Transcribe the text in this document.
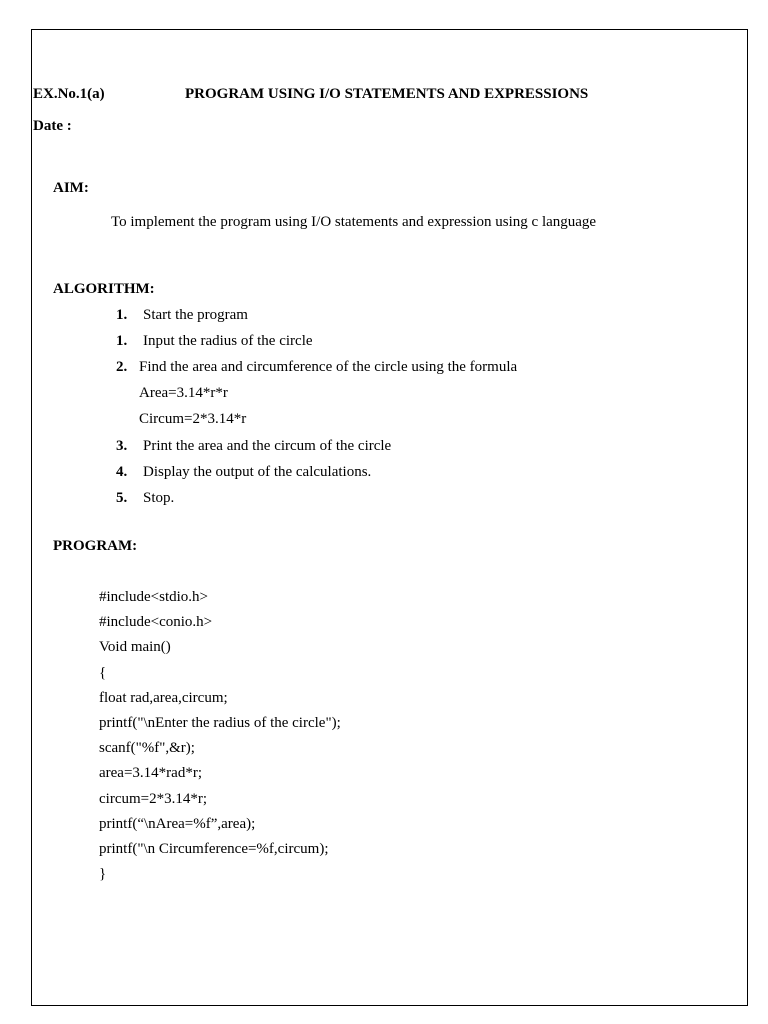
EX.No.1(a)	PROGRAM USING I/O STATEMENTS AND EXPRESSIONS
Date :
AIM:
To implement the program using I/O statements and expression using c language
ALGORITHM:
1. Start the program
1. Input the radius of the circle
2. Find the area and circumference of the circle using the formula
Area=3.14*r*r
Circum=2*3.14*r
3. Print the area and the circum of the circle
4. Display the output of the calculations.
5. Stop.
PROGRAM:
#include<stdio.h>
#include<conio.h>
Void main()
{
float rad,area,circum;
printf("\nEnter the radius of the circle");
scanf("%f",&r);
area=3.14*rad*r;
circum=2*3.14*r;
printf(“\nArea=%f”,area);
printf("\n Circumference=%f,circum);
}
